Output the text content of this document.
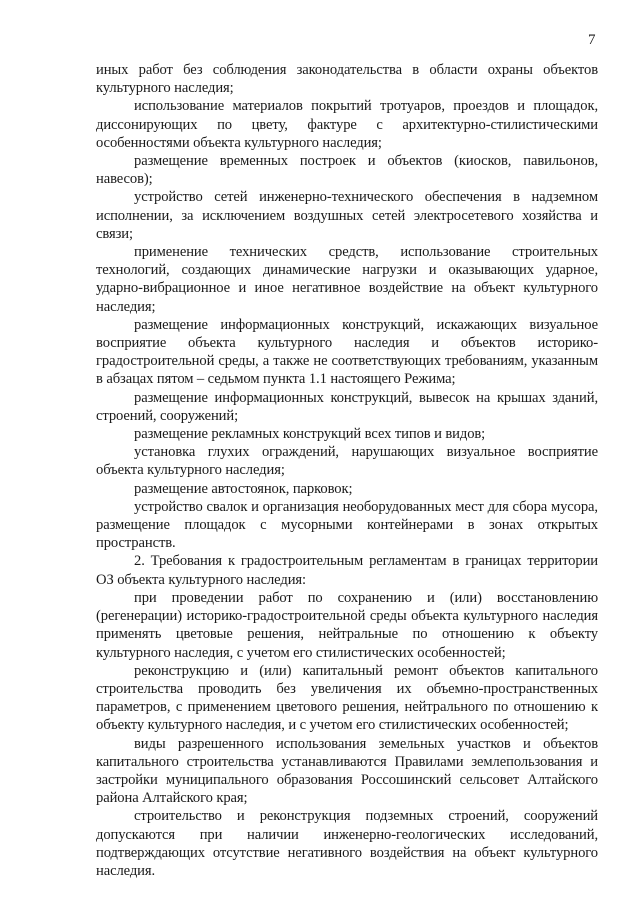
7

иных работ без соблюдения законодательства в области охраны объектов культурного наследия;

использование материалов покрытий тротуаров, проездов и площадок, диссонирующих по цвету, фактуре с архитектурно-стилистическими особенностями объекта культурного наследия;

размещение временных построек и объектов (киосков, павильонов, навесов);

устройство сетей инженерно-технического обеспечения в надземном исполнении, за исключением воздушных сетей электросетевого хозяйства и связи;

применение технических средств, использование строительных технологий, создающих динамические нагрузки и оказывающих ударное, ударно-вибрационное и иное негативное воздействие на объект культурного наследия;

размещение информационных конструкций, искажающих визуальное восприятие объекта культурного наследия и объектов историко-градостроительной среды, а также не соответствующих требованиям, указанным в абзацах пятом – седьмом пункта 1.1 настоящего Режима;

размещение информационных конструкций, вывесок на крышах зданий, строений, сооружений;

размещение рекламных конструкций всех типов и видов;

установка глухих ограждений, нарушающих визуальное восприятие объекта культурного наследия;

размещение автостоянок, парковок;

устройство свалок и организация необорудованных мест для сбора мусора, размещение площадок с мусорными контейнерами в зонах открытых пространств.

2. Требования к градостроительным регламентам в границах территории ОЗ объекта культурного наследия:

при проведении работ по сохранению и (или) восстановлению (регенерации) историко-градостроительной среды объекта культурного наследия применять цветовые решения, нейтральные по отношению к объекту культурного наследия, с учетом его стилистических особенностей;

реконструкцию и (или) капитальный ремонт объектов капитального строительства проводить без увеличения их объемно-пространственных параметров, с применением цветового решения, нейтрального по отношению к объекту культурного наследия, и с учетом его стилистических особенностей;

виды разрешенного использования земельных участков и объектов капитального строительства устанавливаются Правилами землепользования и застройки муниципального образования Россошинский сельсовет Алтайского района Алтайского края;

строительство и реконструкция подземных строений, сооружений допускаются при наличии инженерно-геологических исследований, подтверждающих отсутствие негативного воздействия на объект культурного наследия.
